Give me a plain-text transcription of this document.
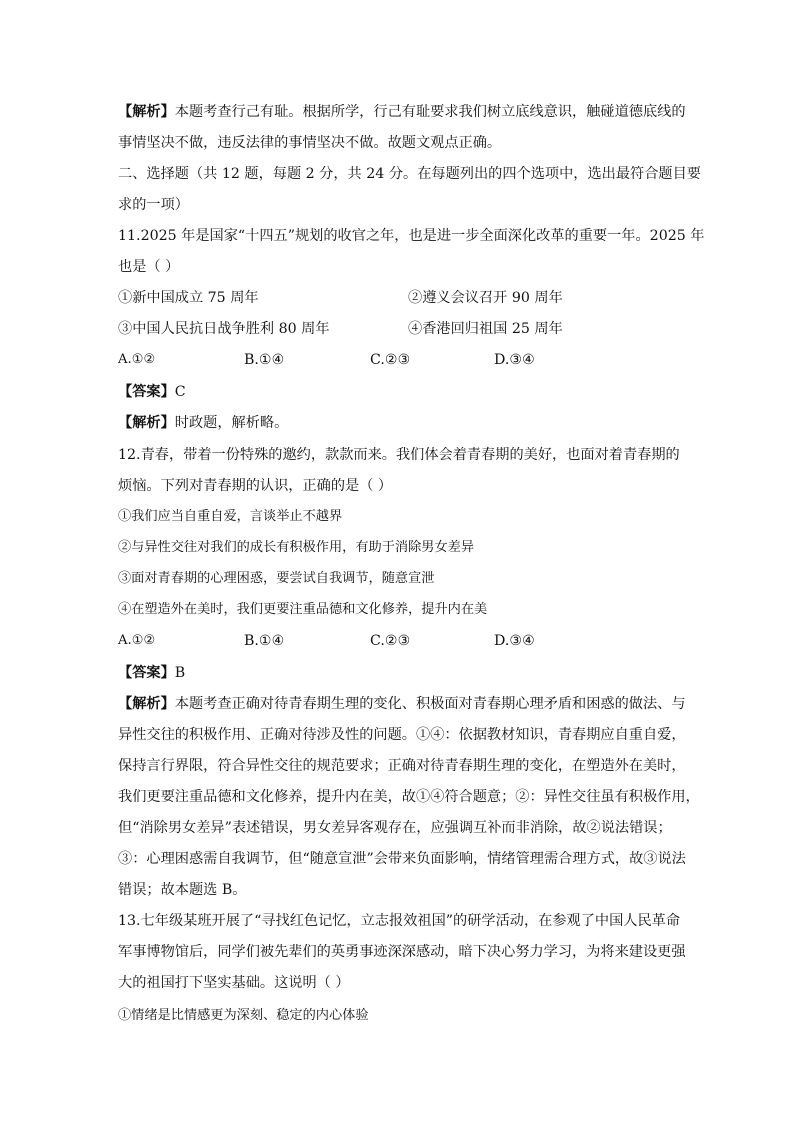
【解析】本题考查行己有耻。根据所学，行己有耻要求我们树立底线意识，触碰道德底线的
事情坚决不做，违反法律的事情坚决不做。故题文观点正确。
二、选择题（共 12 题，每题 2 分，共 24 分。在每题列出的四个选项中，选出最符合题目要
求的一项）
11.2025 年是国家“十四五”规划的收官之年，也是进一步全面深化改革的重要一年。2025 年
也是（ ）
①新中国成立 75 周年	②遵义会议召开 90 周年
③中国人民抗日战争胜利 80 周年	④香港回归祖国 25 周年
A.①②	B.①④	C.②③	D.③④
【答案】C
【解析】时政题，解析略。
12.青春，带着一份特殊的邀约，款款而来。我们体会着青春期的美好，也面对着青春期的
烦恼。下列对青春期的认识，正确的是（ ）
①我们应当自重自爱，言谈举止不越界
②与异性交往对我们的成长有积极作用，有助于消除男女差异
③面对青春期的心理困惑，要尝试自我调节，随意宣泄
④在塑造外在美时，我们更要注重品德和文化修养，提升内在美
A.①②	B.①④	C.②③	D.③④
【答案】B
【解析】本题考查正确对待青春期生理的变化、积极面对青春期心理矛盾和困惑的做法、与
异性交往的积极作用、正确对待涉及性的问题。①④：依据教材知识，青春期应自重自爱，
保持言行界限，符合异性交往的规范要求；正确对待青春期生理的变化，在塑造外在美时，
我们更要注重品德和文化修养，提升内在美，故①④符合题意；②：异性交往虽有积极作用，
但“消除男女差异”表述错误，男女差异客观存在，应强调互补而非消除，故②说法错误；
③：心理困惑需自我调节，但“随意宣泄”会带来负面影响，情绪管理需合理方式，故③说法
错误；故本题选 B。
13.七年级某班开展了“寻找红色记忆，立志报效祖国”的研学活动，在参观了中国人民革命
军事博物馆后，同学们被先辈们的英勇事迹深深感动，暗下决心努力学习，为将来建设更强
大的祖国打下坚实基础。这说明（ ）
①情绪是比情感更为深刻、稳定的内心体验
